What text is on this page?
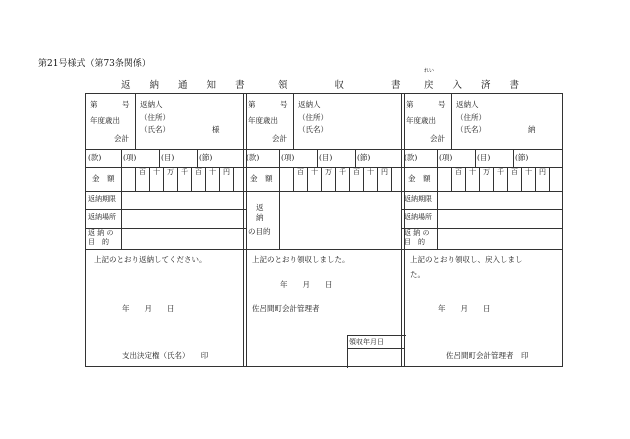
第21号様式（第73条関係）
返 納 通 知 書	領 収 書
れい
戻 入 済 書
第	号
年度歳出
会計
返納人
（住所）
（氏名）	様
(款)	(項)	(目)	(節)
金　額
百 十 万 千 百 十 円
返納期限
返納場所
返 納 の
目　的
上記のとおり返納してください。
年　　月　　日
支出決定権（氏名）　　印
第	号
年度歳出
会計
返納人
（住所）
（氏名）
(款)	(項)	(目)	(節)
金　額
百 十 万 千 百 十 円
返
納
の目的
上記のとおり領収しました。
年　　月　　日
佐呂間町会計管理者
領収年月日
第	号
年度歳出
会計
返納人
（住所）
（氏名）	納
(款)	(項)	(目)	(節)
金　額
百 十 万 千 百 十 円
返納期限
返納場所
返 納 の
目　的
上記のとおり領収し、戻入しまし
た。
年　　月　　日
佐呂間町会計管理者　印
